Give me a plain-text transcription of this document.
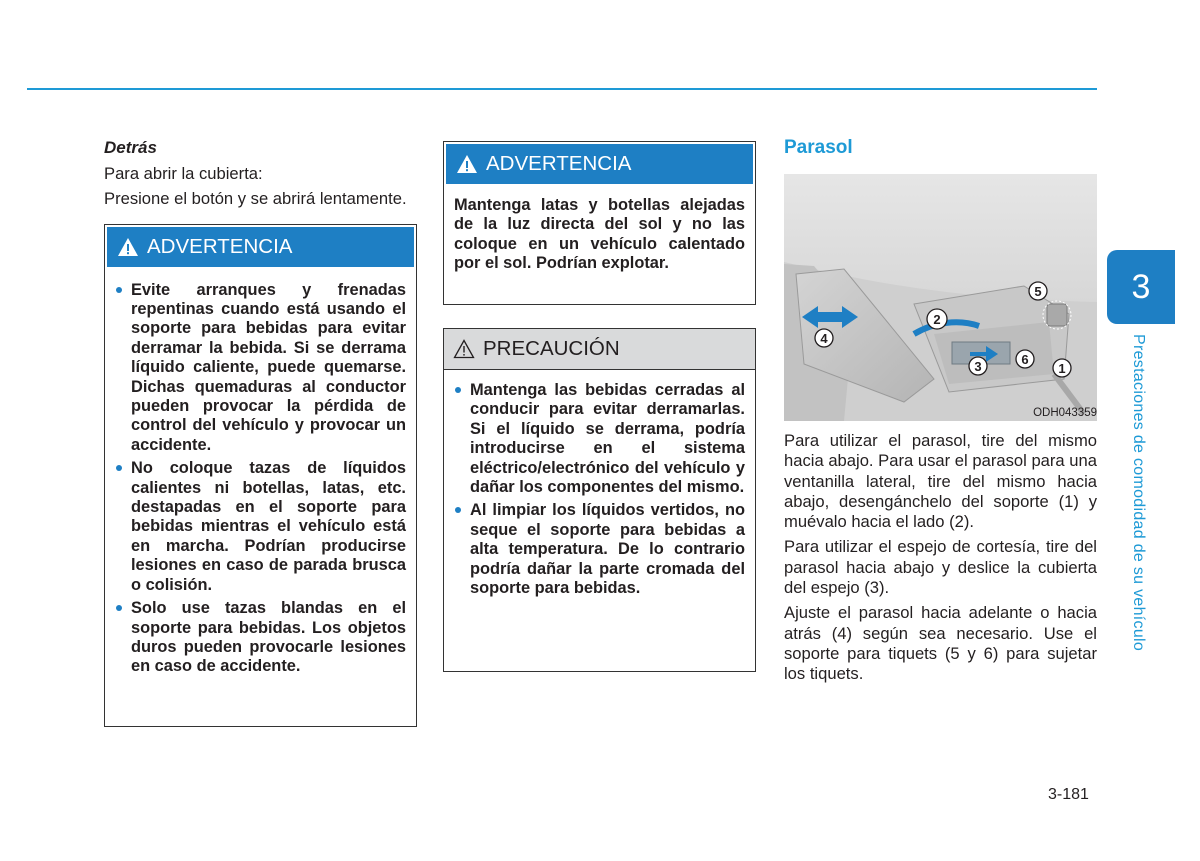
Detrás

Para abrir la cubierta:

Presione el botón y se abrirá lentamente.

ADVERTENCIA
Evite arranques y frenadas repentinas cuando está usando el soporte para bebidas para evitar derramar la bebida. Si se derrama líquido caliente, puede quemarse. Dichas quemaduras al conductor pueden provocar la pérdida de control del vehículo y provocar un accidente.
No coloque tazas de líquidos calientes ni botellas, latas, etc. destapadas en el soporte para bebidas mientras el vehículo está en marcha. Podrían producirse lesiones en caso de parada brusca o colisión.
Solo use tazas blandas en el soporte para bebidas. Los objetos duros pueden provocarle lesiones en caso de accidente.
ADVERTENCIA

Mantenga latas y botellas alejadas de la luz directa del sol y no las coloque en un vehículo calentado por el sol. Podrían explotar.

PRECAUCIÓN
Mantenga las bebidas cerradas al conducir para evitar derramarlas. Si el líquido se derrama, podría introducirse en el sistema eléctrico/electrónico del vehículo y dañar los componentes del mismo.
Al limpiar los líquidos vertidos, no seque el soporte para bebidas a alta temperatura. De lo contrario podría dañar la parte cromada del soporte para bebidas.

Parasol

1
2
3
4
5
6
ODH043359

Para utilizar el parasol, tire del mismo hacia abajo. Para usar el parasol para una ventanilla lateral, tire del mismo hacia abajo, desengánchelo del soporte (1) y muévalo hacia el lado (2).

Para utilizar el espejo de cortesía, tire del parasol hacia abajo y deslice la cubierta del espejo (3).

Ajuste el parasol hacia adelante o hacia atrás (4) según sea necesario. Use el soporte para tiquets (5 y 6) para sujetar los tiquets.

3
Prestaciones de comodidad de su vehículo
3-181
